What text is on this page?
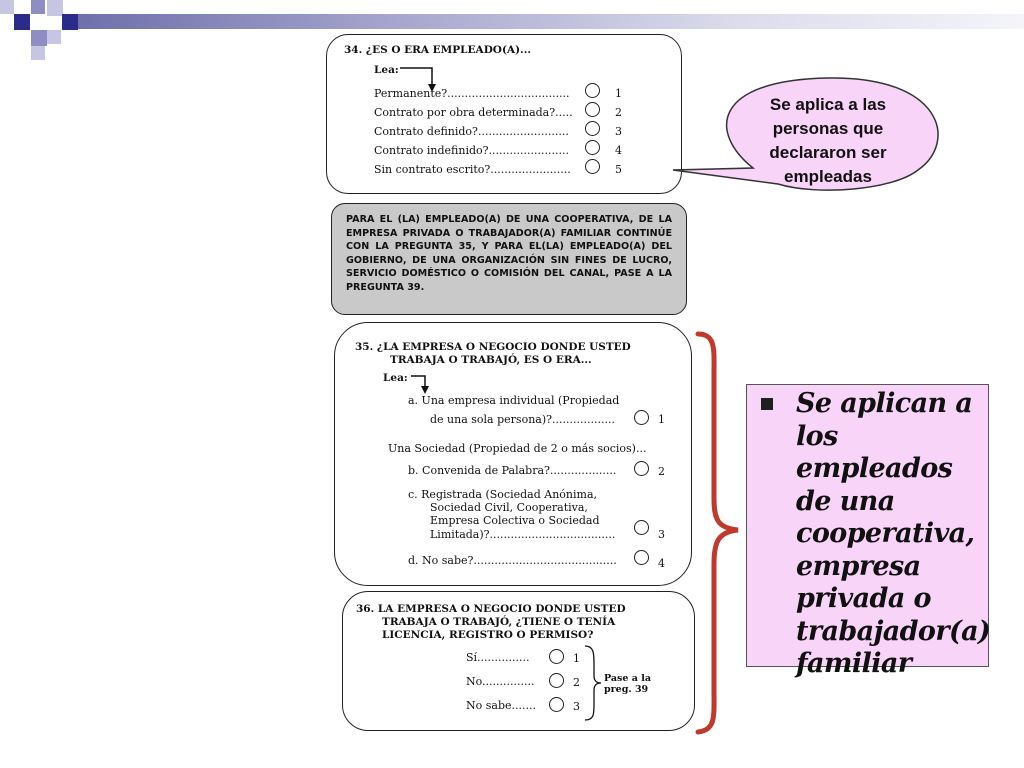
34. ¿ES O ERA EMPLEADO(A)...
Lea:
Permanente?...................................	1
Contrato por obra determinada?.....	2
Contrato definido?..........................	3
Contrato indefinido?.......................	4
Sin contrato escrito?.......................	5
Se aplica a las
personas que
declararon ser
empleadas
PARA EL (LA) EMPLEADO(A) DE UNA COOPERATIVA, DE LA EMPRESA PRIVADA O TRABAJADOR(A) FAMILIAR CONTINÚE CON LA PREGUNTA 35, Y PARA EL(LA) EMPLEADO(A) DEL GOBIERNO, DE UNA ORGANIZACIÓN SIN FINES DE LUCRO, SERVICIO DOMÉSTICO O COMISIÓN DEL CANAL, PASE A LA PREGUNTA 39.
35. ¿LA EMPRESA O NEGOCIO DONDE USTED
TRABAJA O TRABAJÓ, ES O ERA...
Lea:
a. Una empresa individual (Propiedad
de una sola persona)?..................	1
Una Sociedad (Propiedad de 2 o más socios)...
b. Convenida de Palabra?...................	2
c. Registrada (Sociedad Anónima,
Sociedad Civil, Cooperativa,
Empresa Colectiva o Sociedad
Limitada)?....................................	3
d. No sabe?.........................................	4
36. LA EMPRESA O NEGOCIO DONDE USTED
TRABAJA O TRABAJÓ, ¿TIENE O TENÍA
LICENCIA, REGISTRO O PERMISO?
Sí...............	1
No...............	2
No sabe.......	3
Pase a la
preg. 39
Se aplican a
los empleados
de una
cooperativa,
empresa
privada o
trabajador(a)
familiar
